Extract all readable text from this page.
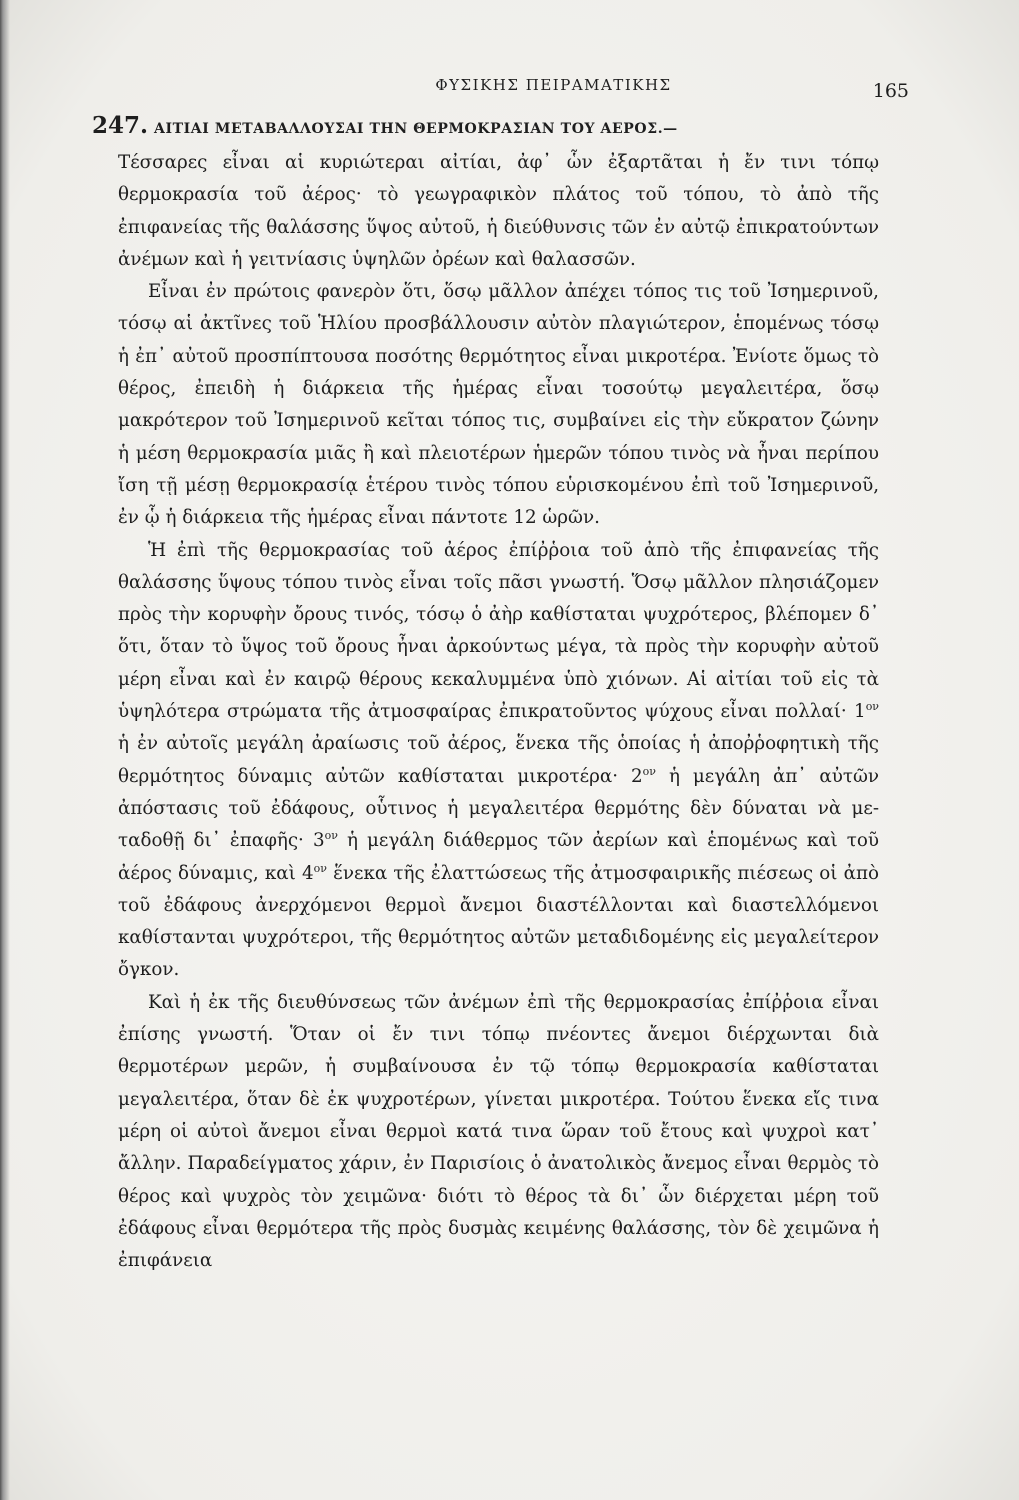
ΦΥΣΙΚΗΣ ΠΕΙΡΑΜΑΤΙΚΗΣ	165
247. ΑΙΤΙΑΙ ΜΕΤΑΒΑΛΛΟΥΣΑΙ ΤΗΝ ΘΕΡΜΟΚΡΑΣΙΑΝ ΤΟΥ ΑΕΡΟΣ.—

Τέσσαρες εἶναι αἱ κυριώτεραι αἰτίαι, ἀφ᾽ ὧν ἐξαρτᾶται ἡ ἔν τινι τόπῳ θερμοκρασία τοῦ ἀέρος· τὸ γεωγραφικὸν πλάτος τοῦ τόπου, τὸ ἀπὸ τῆς ἐπιφανείας τῆς θαλάσσης ὕψος αὐτοῦ, ἡ διεύθυνσις τῶν ἐν αὐτῷ ἐπικρατούντων ἀνέμων καὶ ἡ γειτνίασις ὑψηλῶν ὀρέων καὶ θαλασσῶν.

Εἶναι ἐν πρώτοις φανερὸν ὅτι, ὅσῳ μᾶλλον ἀπέχει τόπος τις τοῦ Ἰσημερινοῦ, τόσῳ αἱ ἀκτῖνες τοῦ Ἡλίου προσβάλλουσιν αὐτὸν πλαγιώτερον, ἑπομένως τόσῳ ἡ ἐπ᾽ αὐτοῦ προσπίπτουσα ποσότης θερμότητος εἶναι μικροτέρα. Ἐνίοτε ὅμως τὸ θέρος, ἐπειδὴ ἡ διάρκεια τῆς ἡμέρας εἶναι τοσούτῳ μεγαλειτέρα, ὅσῳ μακρότερον τοῦ Ἰσημερινοῦ κεῖται τόπος τις, συμβαίνει εἰς τὴν εὔκρατον ζώνην ἡ μέση θερμοκρασία μιᾶς ἢ καὶ πλειοτέρων ἡμερῶν τόπου τινὸς νὰ ἦναι περίπου ἴση τῇ μέσῃ θερμοκρασίᾳ ἑτέρου τινὸς τόπου εὑρισκομένου ἐπὶ τοῦ Ἰσημερινοῦ, ἐν ᾧ ἡ διάρκεια τῆς ἡμέρας εἶναι πάντοτε 12 ὡρῶν.

Ἡ ἐπὶ τῆς θερμοκρασίας τοῦ ἀέρος ἐπίῤῥοια τοῦ ἀπὸ τῆς ἐπιφανείας τῆς θαλάσσης ὕψους τόπου τινὸς εἶναι τοῖς πᾶσι γνωστή. Ὅσῳ μᾶλλον πλησιάζομεν πρὸς τὴν κορυφὴν ὄρους τινός, τόσῳ ὁ ἀὴρ καθίσταται ψυχρότερος, βλέπομεν δ᾽ ὅτι, ὅταν τὸ ὕψος τοῦ ὄρους ἦναι ἀρκούντως μέγα, τὰ πρὸς τὴν κορυφὴν αὐτοῦ μέρη εἶναι καὶ ἐν καιρῷ θέρους κεκαλυμμένα ὑπὸ χιόνων. Αἱ αἰτίαι τοῦ εἰς τὰ ὑψηλότερα στρώματα τῆς ἀτμοσφαίρας ἐπικρατοῦντος ψύχους εἶναι $\pi o\lambda\lambda\alpha ί\cdot 1^{o\nu}$ ἡ ἐν αὐτοῖς μεγάλη ἀραίωσις τοῦ ἀέρος, ἕνεκα τῆς ὁποίας ἡ ἀποῤῥοφητικὴ τῆς θερμότητος δύναμις αὐτῶν καθίσταται $\mu\iota\kappa\rho o\tau έ\rho\alpha\cdot 2^{o\nu}$ ἡ μεγάλη ἀπ᾽ αὐτῶν ἀπόστασις τοῦ ἐδάφους, οὗτινος ἡ μεγαλειτέρα θερμότης δὲν δύναται νὰ μεταδοθῇ δι᾽ ἐπαφῆς· $3^{o\nu}$ ἡ μεγάλη διάθερμος τῶν ἀερίων καὶ ἑπομένως καὶ τοῦ ἀέρος δύναμις, καὶ $4^{o\nu}$ ἕνεκα τῆς ἐλαττώσεως τῆς ἀτμοσφαιρικῆς πιέσεως οἱ ἀπὸ τοῦ ἐδάφους ἀνερχόμενοι θερμοὶ ἄνεμοι διαστέλλονται καὶ διαστελλόμενοι καθίστανται ψυχρότεροι, τῆς θερμότητος αὐτῶν μεταδιδομένης εἰς μεγαλείτερον ὄγκον.

Καὶ ἡ ἐκ τῆς διευθύνσεως τῶν ἀνέμων ἐπὶ τῆς θερμοκρασίας ἐπίῤῥοια εἶναι ἐπίσης γνωστή. Ὅταν οἱ ἔν τινι τόπῳ πνέοντες ἄνεμοι διέρχωνται διὰ θερμοτέρων μερῶν, ἡ συμβαίνουσα ἐν τῷ τόπῳ θερμοκρασία καθίσταται μεγαλειτέρα, ὅταν δὲ ἐκ ψυχροτέρων, γίνεται μικροτέρα. Τούτου ἕνεκα εἴς τινα μέρη οἱ αὐτοὶ ἄνεμοι εἶναι θερμοὶ κατά τινα ὥραν τοῦ ἔτους καὶ ψυχροὶ κατ᾽ ἄλλην. Παραδείγματος χάριν, ἐν Παρισίοις ὁ ἀνατολικὸς ἄνεμος εἶναι θερμὸς τὸ θέρος καὶ ψυχρὸς τὸν χειμῶνα· διότι τὸ θέρος τὰ δι᾽ ὧν διέρχεται μέρη τοῦ ἐδάφους εἶναι θερμότερα τῆς πρὸς δυσμὰς κειμένης θαλάσσης, τὸν δὲ χειμῶνα ἡ ἐπιφάνεια
